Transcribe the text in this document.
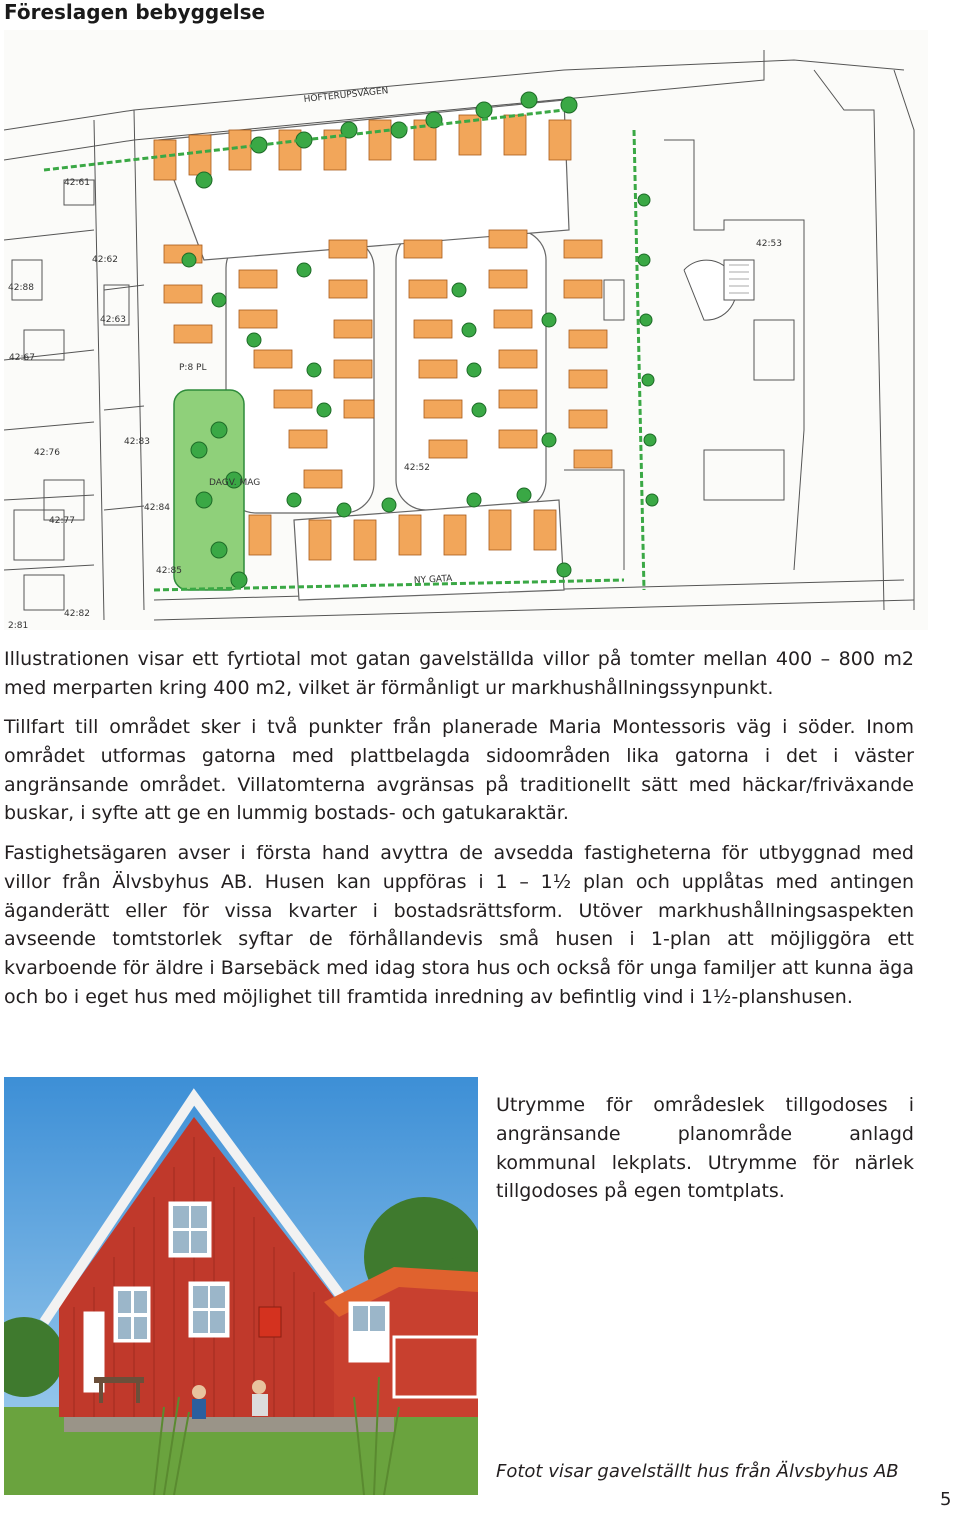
Föreslagen bebyggelse
HOFTERUPSVÄGEN
NY GATA
DAGV. MAG
P:8 PL
42:61
42:62
42:63
42:67
42:76
42:77
42:82
42:83
42:84
42:85
42:52
42:53
2:81
42:88

Illustrationen visar ett fyrtiotal mot gatan gavelställda villor på tomter mellan 400 – 800 m2 med merparten kring 400 m2, vilket är förmånligt ur markhushållningssynpunkt.

Tillfart till området sker i två punkter från planerade Maria Montessoris väg i söder. Inom området utformas gatorna med plattbelagda sidoområden lika gatorna i det i väster angränsande området. Villatomterna avgränsas på traditionellt sätt med häckar/friväxande buskar, i syfte att ge en lummig bostads- och gatukaraktär.

Fastighetsägaren avser i första hand avyttra de avsedda fastigheterna för utbyggnad med villor från Älvsbyhus AB. Husen kan uppföras i 1 – 1½ plan och upplåtas med antingen äganderätt eller för vissa kvarter i bostadsrättsform. Utöver markhushållningsaspekten avseende tomtstorlek syftar de förhållandevis små husen i 1-plan att möjliggöra ett kvarboende för äldre i Barsebäck med idag stora hus och också för unga familjer att kunna äga och bo i eget hus med möjlighet till framtida inredning av befintlig vind i 1½-planshusen.

Utrymme för områdeslek tillgodoses i angränsande planområde anlagd kommunal lekplats. Utrymme för närlek tillgodoses på egen tomtplats.

Fotot visar gavelställt hus från Älvsbyhus AB

5
